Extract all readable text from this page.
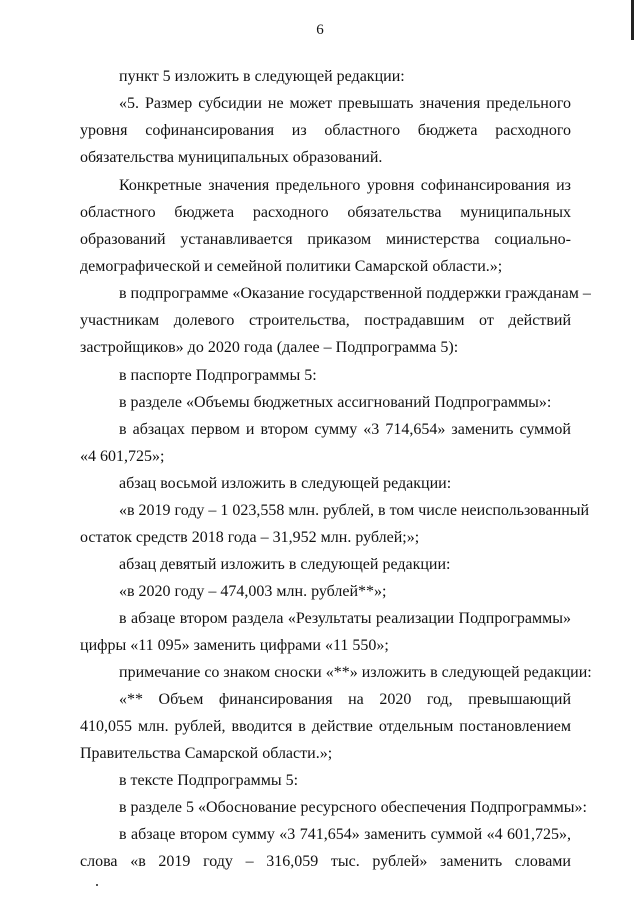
6
пункт 5 изложить в следующей редакции:
«5. Размер субсидии не может превышать значения предельного
уровня софинансирования из областного бюджета расходного
обязательства муниципальных образований.
Конкретные значения предельного уровня софинансирования из
областного бюджета расходного обязательства муниципальных
образований устанавливается приказом министерства социально-
демографической и семейной политики Самарской области.»;
в подпрограмме «Оказание государственной поддержки гражданам –
участникам долевого строительства, пострадавшим от действий
застройщиков» до 2020 года (далее – Подпрограмма 5):
в паспорте Подпрограммы 5:
в разделе «Объемы бюджетных ассигнований Подпрограммы»:
в абзацах первом и втором сумму «3 714,654» заменить суммой
«4 601,725»;
абзац восьмой изложить в следующей редакции:
«в 2019 году – 1 023,558 млн. рублей, в том числе неиспользованный
остаток средств 2018 года – 31,952 млн. рублей;»;
абзац девятый изложить в следующей редакции:
«в 2020 году – 474,003 млн. рублей**»;
в абзаце втором раздела «Результаты реализации Подпрограммы»
цифры «11 095» заменить цифрами «11 550»;
примечание со знаком сноски «**» изложить в следующей редакции:
«** Объем финансирования на 2020 год, превышающий
410,055 млн. рублей, вводится в действие отдельным постановлением
Правительства Самарской области.»;
в тексте Подпрограммы 5:
в разделе 5 «Обоснование ресурсного обеспечения Подпрограммы»:
в абзаце втором сумму «3 741,654» заменить суммой «4 601,725»,
слова «в 2019 году – 316,059 тыс. рублей» заменить словами
